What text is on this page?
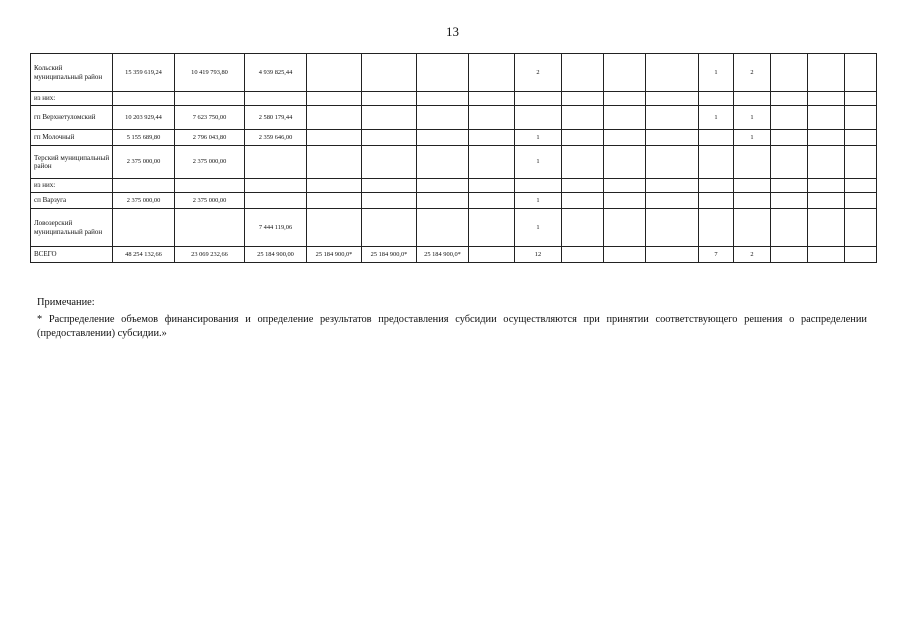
13
Кольский муниципальный район	15 359 619,24	10 419 793,80	4 939 825,44					2				1	2			
из них:																
гп Верхнетуломский	10 203 929,44	7 623 750,00	2 580 179,44									1	1			
гп Молочный	5 155 689,80	2 796 043,80	2 359 646,00					1					1			
Терский муниципальный район	2 375 000,00	2 375 000,00						1								
из них:																
сп Варзуга	2 375 000,00	2 375 000,00						1								
Ловозерский муниципальный район			7 444 119,06					1								
ВСЕГО	48 254 132,66	23 069 232,66	25 184 900,00	25 184 900,0*	25 184 900,0*	25 184 900,0*		12				7	2			
Примечание:
* Распределение объемов финансирования и определение результатов предоставления субсидии осуществляются при принятии соответствующего решения о распределении (предоставлении) субсидии.»
